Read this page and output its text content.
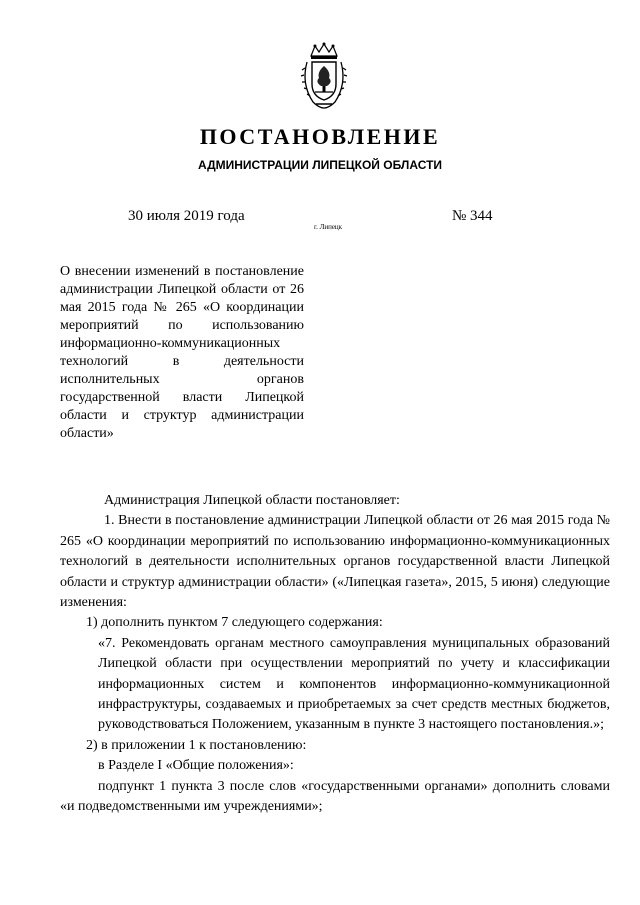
ПОСТАНОВЛЕНИЕ
АДМИНИСТРАЦИИ ЛИПЕЦКОЙ ОБЛАСТИ
30 июля 2019 года
г. Липецк
№ 344
О внесении изменений в постановление администрации Липецкой области от 26 мая 2015 года № 265 «О координации мероприятий по использованию информационно-коммуникационных технологий в деятельности исполнительных органов государственной власти Липецкой области и структур администрации области»

Администрация Липецкой области постановляет:

1. Внести в постановление администрации Липецкой области от 26 мая 2015 года № 265 «О координации мероприятий по использованию информационно-коммуникационных технологий в деятельности исполнительных органов государственной власти Липецкой области и структур администрации области» («Липецкая газета», 2015, 5 июня) следующие изменения:

1) дополнить пунктом 7 следующего содержания:

«7. Рекомендовать органам местного самоуправления муниципальных образований Липецкой области при осуществлении мероприятий по учету и классификации информационных систем и компонентов информационно-коммуникационной инфраструктуры, создаваемых и приобретаемых за счет средств местных бюджетов, руководствоваться Положением, указанным в пункте 3 настоящего постановления.»;

2) в приложении 1 к постановлению:

в Разделе I «Общие положения»:

подпункт 1 пункта 3 после слов «государственными органами» дополнить словами «и подведомственными им учреждениями»;
